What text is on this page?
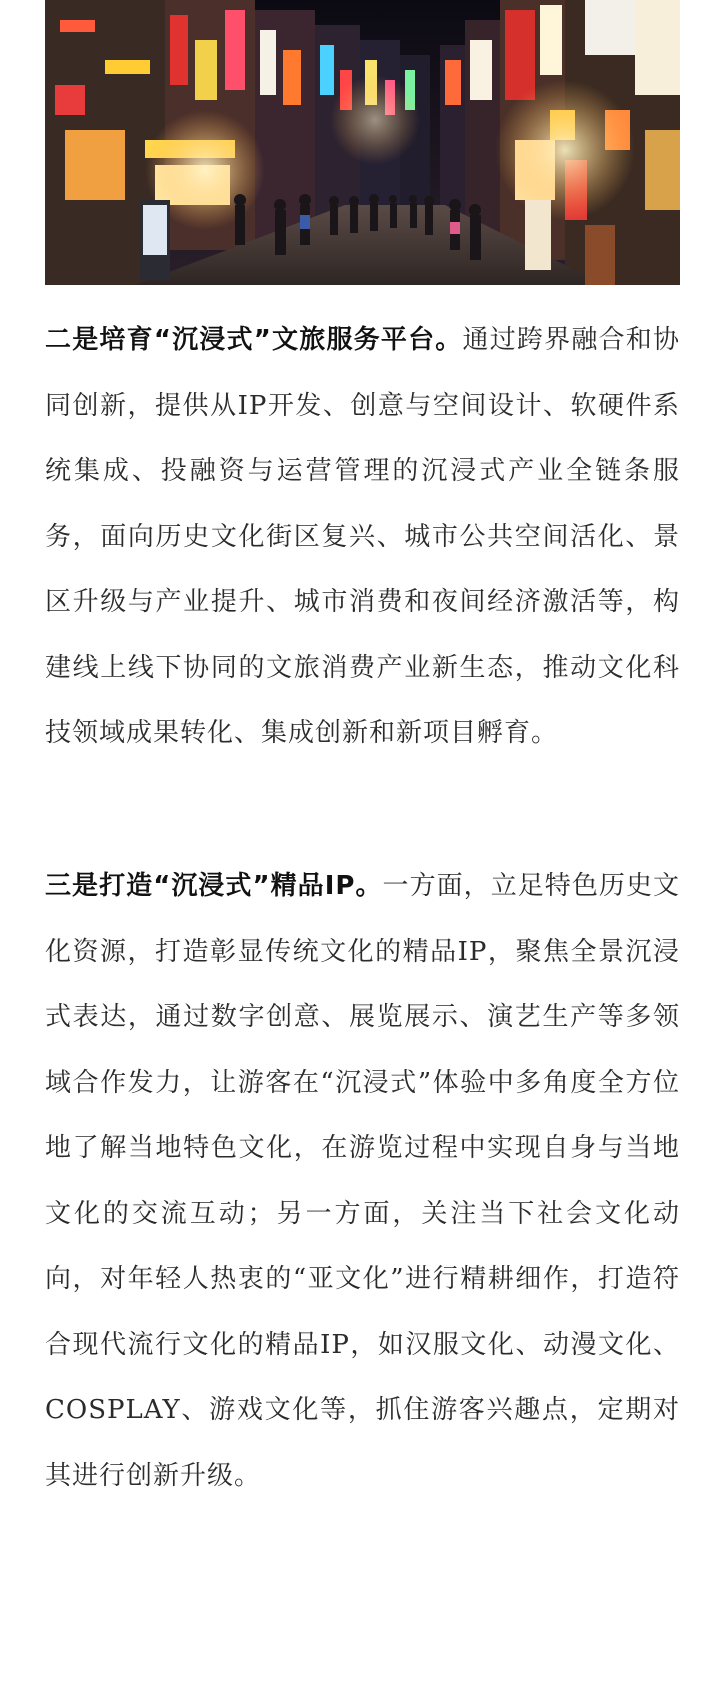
二是培育“沉浸式”文旅服务平台。通过跨界融合和协同创新，提供从IP开发、创意与空间设计、软硬件系统集成、投融资与运营管理的沉浸式产业全链条服务，面向历史文化街区复兴、城市公共空间活化、景区升级与产业提升、城市消费和夜间经济激活等，构建线上线下协同的文旅消费产业新生态，推动文化科技领域成果转化、集成创新和新项目孵育。

三是打造“沉浸式”精品IP。一方面，立足特色历史文化资源，打造彰显传统文化的精品IP，聚焦全景沉浸式表达，通过数字创意、展览展示、演艺生产等多领域合作发力，让游客在“沉浸式”体验中多角度全方位地了解当地特色文化，在游览过程中实现自身与当地文化的交流互动；另一方面，关注当下社会文化动向，对年轻人热衷的“亚文化”进行精耕细作，打造符合现代流行文化的精品IP，如汉服文化、动漫文化、COSPLAY、游戏文化等，抓住游客兴趣点，定期对其进行创新升级。
